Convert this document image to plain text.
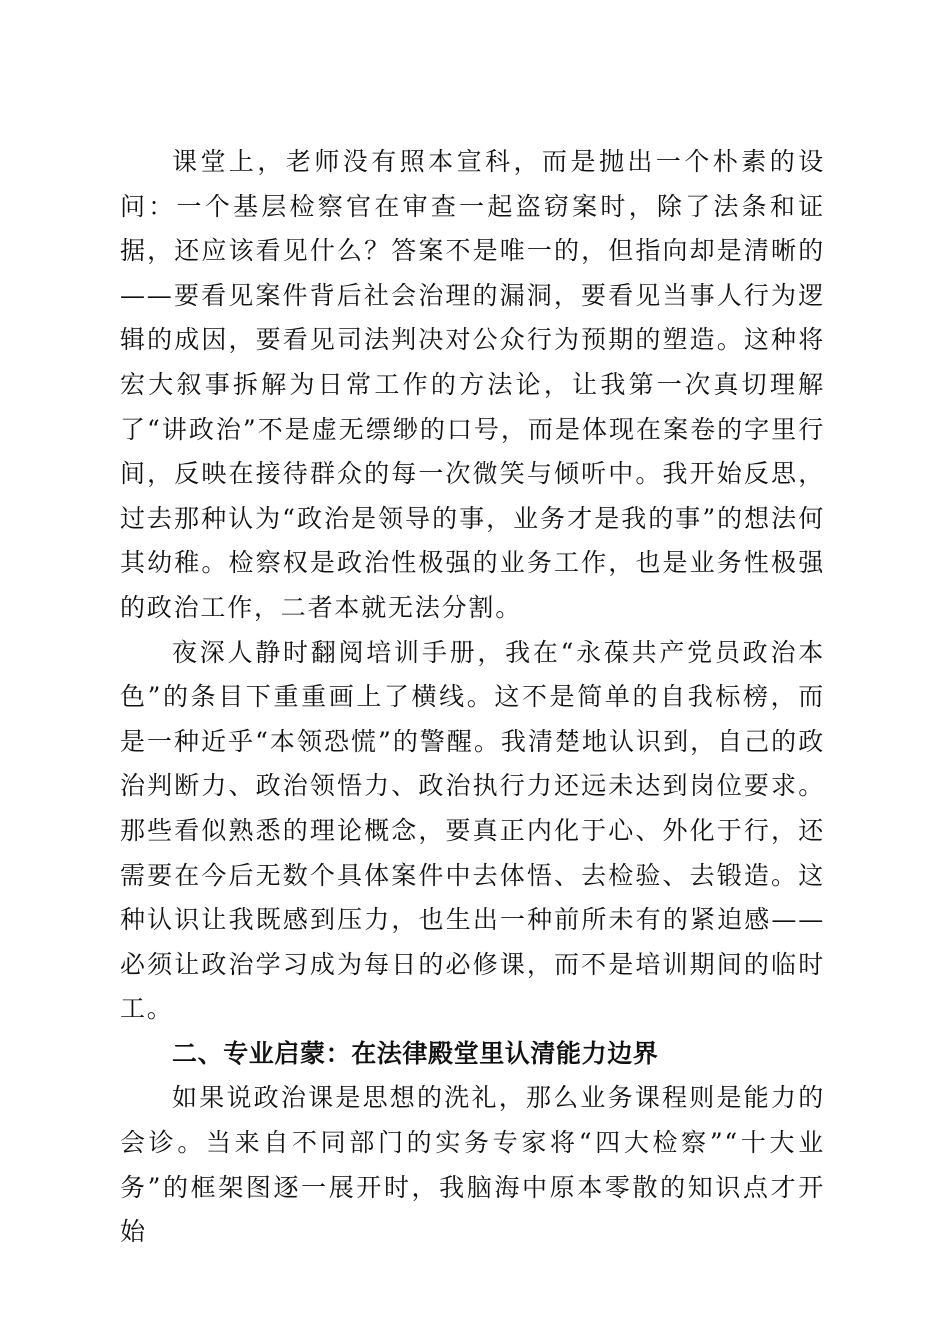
课堂上，老师没有照本宣科，而是抛出一个朴素的设问：一个基层检察官在审查一起盗窃案时，除了法条和证据，还应该看见什么？答案不是唯一的，但指向却是清晰的——要看见案件背后社会治理的漏洞，要看见当事人行为逻辑的成因，要看见司法判决对公众行为预期的塑造。这种将宏大叙事拆解为日常工作的方法论，让我第一次真切理解了“讲政治”不是虚无缥缈的口号，而是体现在案卷的字里行间，反映在接待群众的每一次微笑与倾听中。我开始反思，过去那种认为“政治是领导的事，业务才是我的事”的想法何其幼稚。检察权是政治性极强的业务工作，也是业务性极强的政治工作，二者本就无法分割。

夜深人静时翻阅培训手册，我在“永葆共产党员政治本色”的条目下重重画上了横线。这不是简单的自我标榜，而是一种近乎“本领恐慌”的警醒。我清楚地认识到，自己的政治判断力、政治领悟力、政治执行力还远未达到岗位要求。那些看似熟悉的理论概念，要真正内化于心、外化于行，还需要在今后无数个具体案件中去体悟、去检验、去锻造。这种认识让我既感到压力，也生出一种前所未有的紧迫感——必须让政治学习成为每日的必修课，而不是培训期间的临时工。

二、专业启蒙：在法律殿堂里认清能力边界

如果说政治课是思想的洗礼，那么业务课程则是能力的会诊。当来自不同部门的实务专家将“四大检察”“十大业务”的框架图逐一展开时，我脑海中原本零散的知识点才开始
